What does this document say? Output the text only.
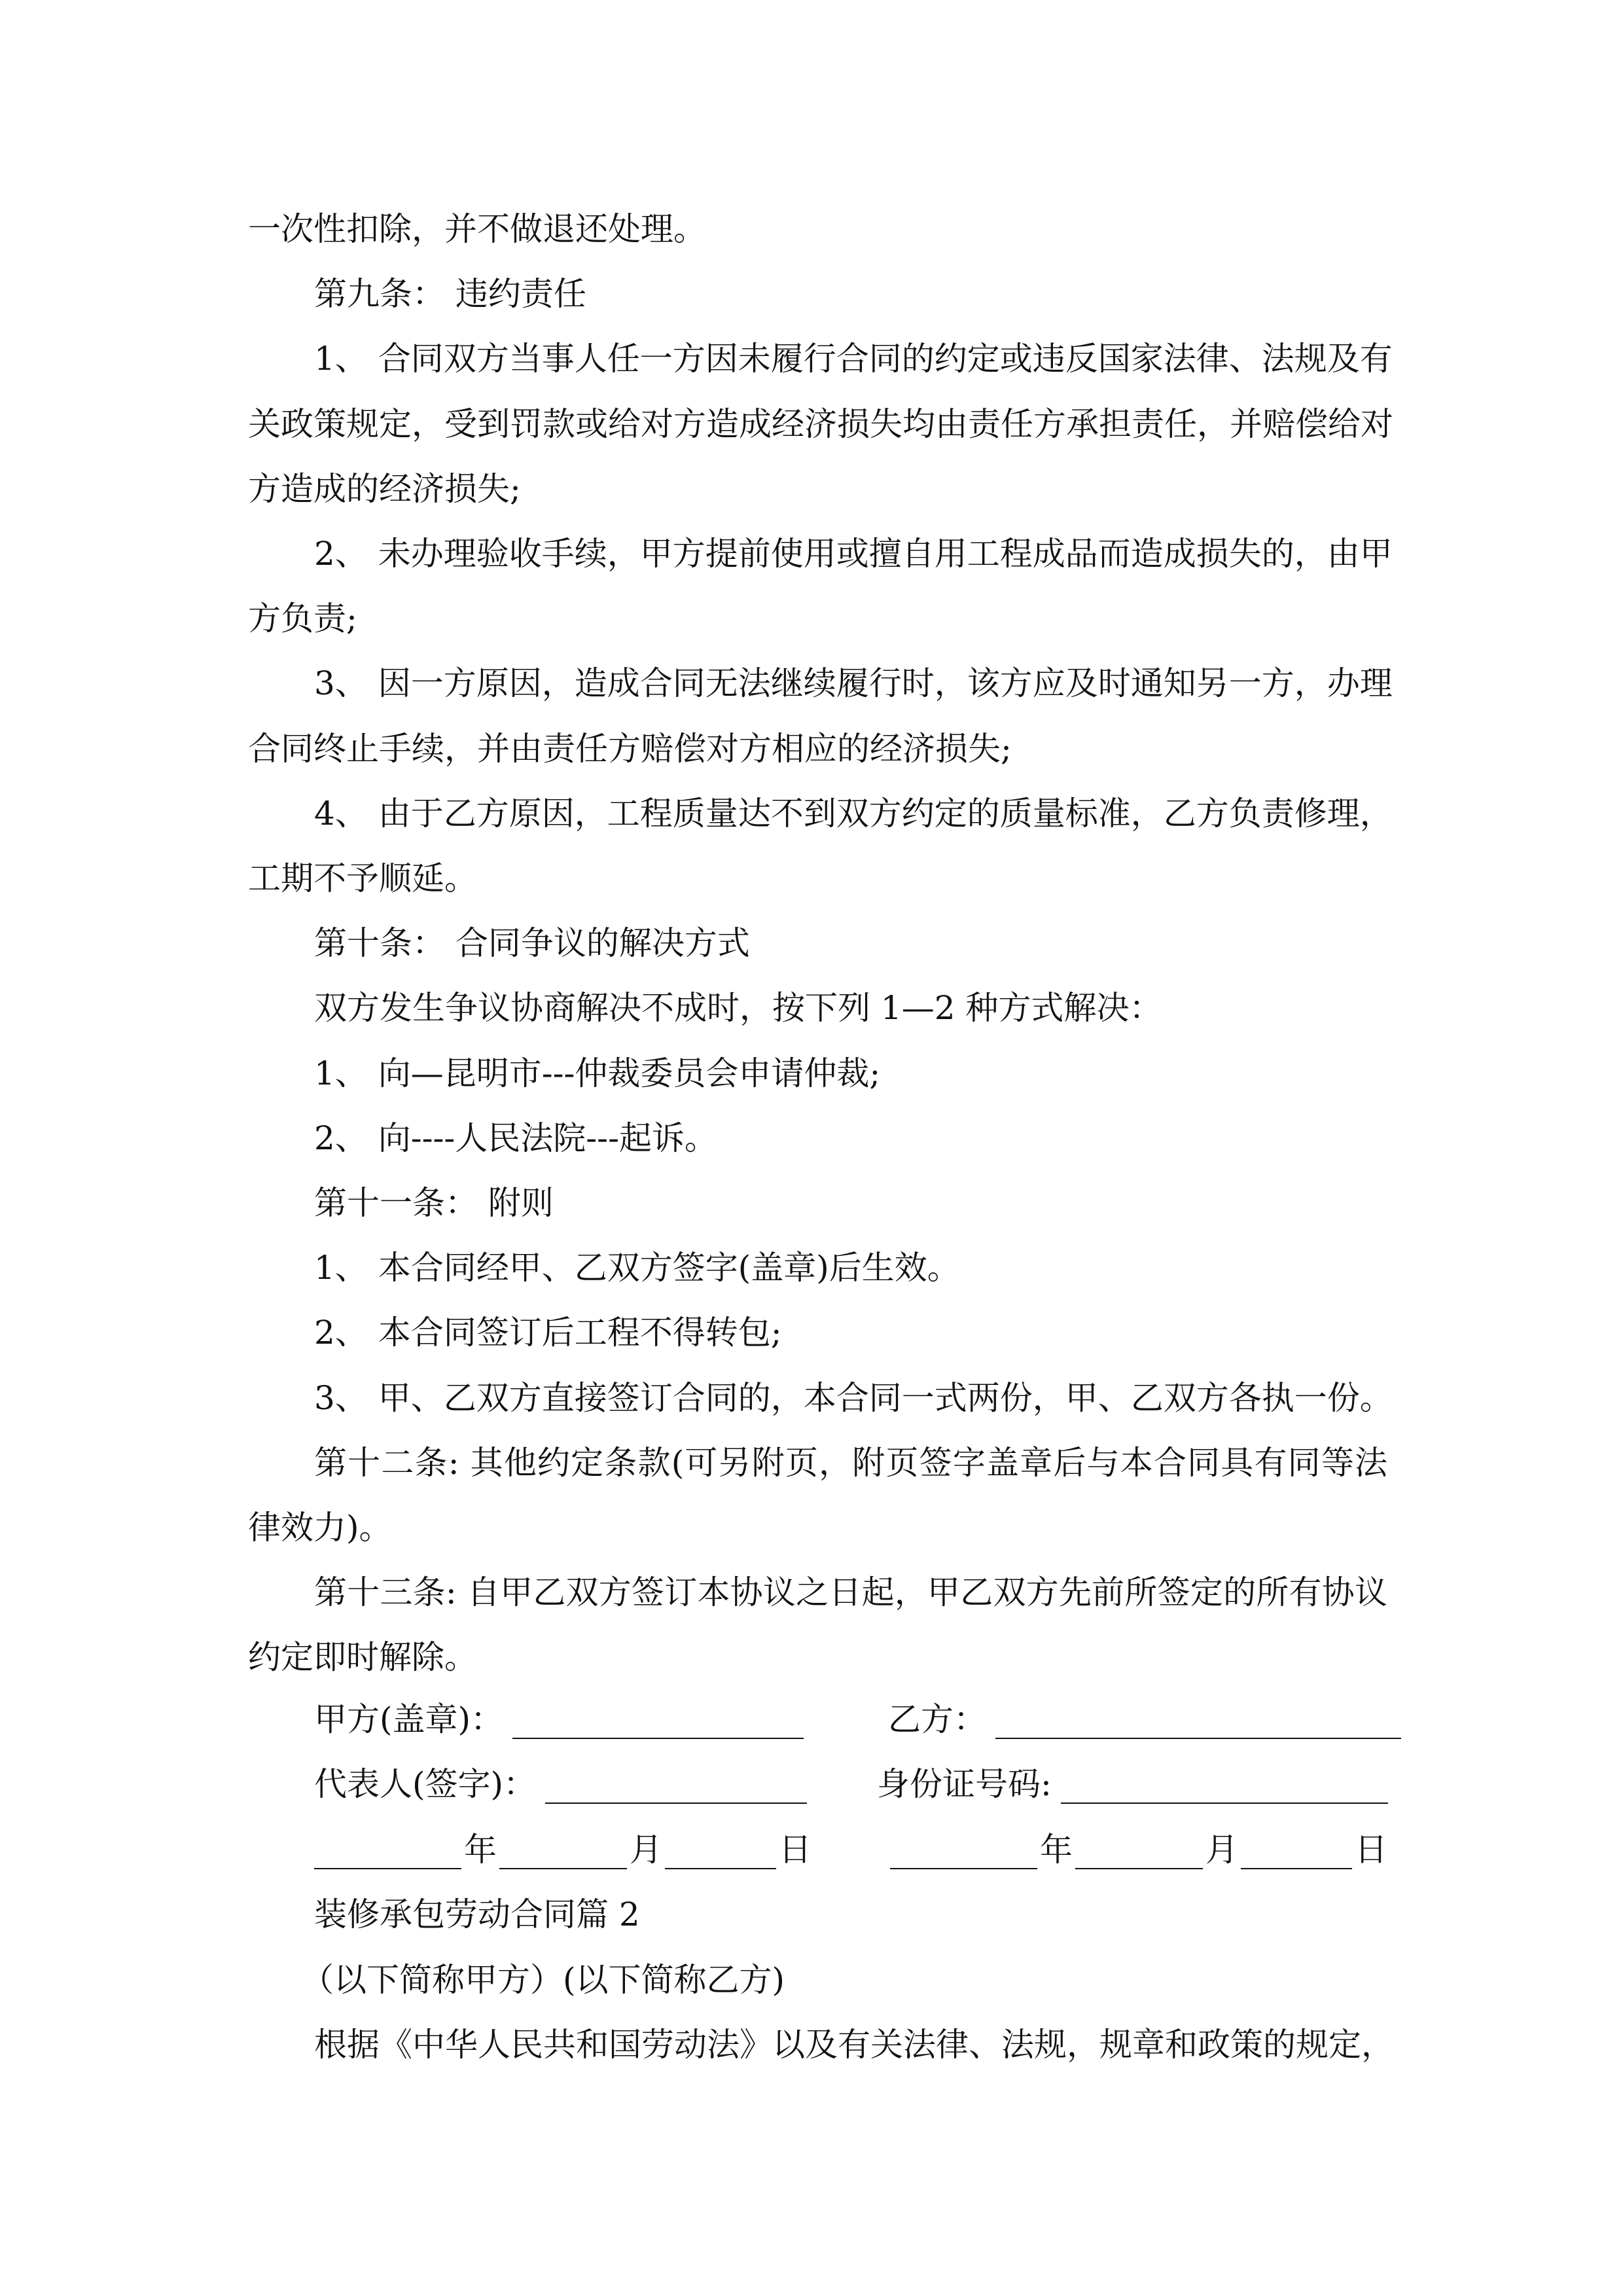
一次性扣除，并不做退还处理。
第九条： 违约责任
1、 合同双方当事人任一方因未履行合同的约定或违反国家法律、法规及有
关政策规定，受到罚款或给对方造成经济损失均由责任方承担责任，并赔偿给对
方造成的经济损失;
2、 未办理验收手续，甲方提前使用或擅自用工程成品而造成损失的，由甲
方负责;
3、 因一方原因，造成合同无法继续履行时，该方应及时通知另一方，办理
合同终止手续，并由责任方赔偿对方相应的经济损失;
4、 由于乙方原因，工程质量达不到双方约定的质量标准，乙方负责修理，
工期不予顺延。
第十条： 合同争议的解决方式
双方发生争议协商解决不成时，按下列 1—2 种方式解决：
1、 向—昆明市---仲裁委员会申请仲裁;
2、 向----人民法院---起诉。
第十一条： 附则
1、 本合同经甲、乙双方签字(盖章)后生效。
2、 本合同签订后工程不得转包;
3、 甲、乙双方直接签订合同的，本合同一式两份，甲、乙双方各执一份。
第十二条: 其他约定条款(可另附页，附页签字盖章后与本合同具有同等法
律效力)。
第十三条: 自甲乙双方签订本协议之日起，甲乙双方先前所签定的所有协议
约定即时解除。
甲方(盖章)：	乙方：
代表人(签字)：	身份证号码:
年	月	日	年	月	日
装修承包劳动合同篇 2
（以下简称甲方）(以下简称乙方)
根据《中华人民共和国劳动法》以及有关法律、法规，规章和政策的规定，
